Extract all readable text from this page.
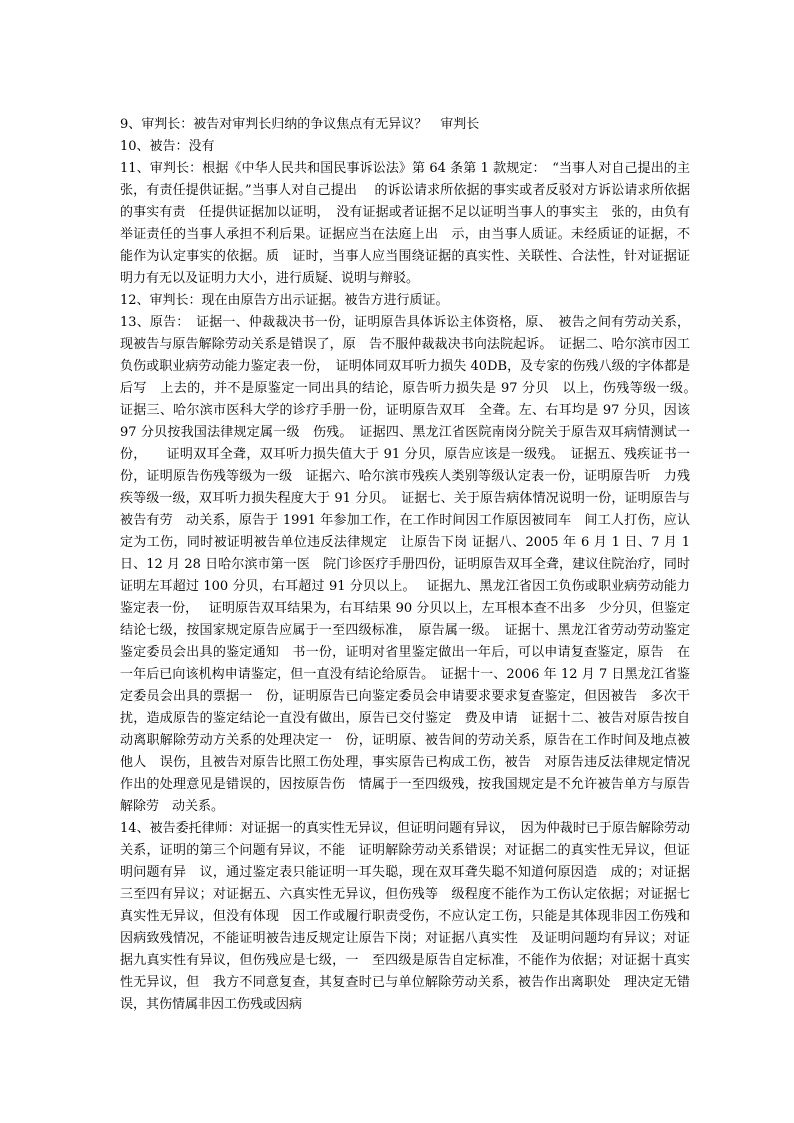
9、审判长：被告对审判长归纳的争议焦点有无异议？　审判长

10、被告：没有

11、审判长：根据《中华人民共和国民事诉讼法》第 64 条第 1 款规定：　“当事人对自己提出的主张，有责任提供证据。”当事人对自己提出　 的诉讼请求所依据的事实或者反驳对方诉讼请求所依据的事实有责　任提供证据加以证明，　没有证据或者证据不足以证明当事人的事实主　张的，由负有举证责任的当事人承担不利后果。证据应当在法庭上出　示，由当事人质证。未经质证的证据，不能作为认定事实的依据。质　证时，当事人应当围绕证据的真实性、关联性、合法性，针对证据证　　明力有无以及证明力大小，进行质疑、说明与辩驳。

12、审判长：现在由原告方出示证据。被告方进行质证。

13、原告：　证据一、仲裁裁决书一份，证明原告具体诉讼主体资格，原、　被告之间有劳动关系，现被告与原告解除劳动关系是错误了，原　告不服仲裁裁决书向法院起诉。　证据二、哈尔滨市因工负伤或职业病劳动能力鉴定表一份，　证明体同双耳听力损失 40DB，及专家的伤残八级的字体都是后写　上去的，并不是原鉴定一同出具的结论，原告听力损失是 97 分贝　以上，伤残等级一级。　证据三、哈尔滨市医科大学的诊疗手册一份，证明原告双耳　全聋。左、右耳均是 97 分贝，因该 97 分贝按我国法律规定属一级　伤残。　证据四、黑龙江省医院南岗分院关于原告双耳病情测试一份，　　证明双耳全聋，双耳听力损失值大于 91 分贝，原告应该是一级残。　证据五、残疾证书一份，证明原告伤残等级为一级　证据六、哈尔滨市残疾人类别等级认定表一份，证明原告听　力残疾等级一级，双耳听力损失程度大于 91 分贝。　证据七、关于原告病体情况说明一份，证明原告与被告有劳　动关系，原告于 1991 年参加工作，在工作时间因工作原因被同车　间工人打伤，应认定为工伤，同时被证明被告单位违反法律规定　让原告下岗 证据八、2005 年 6 月 1 日、7 月 1 日、12 月 28 日哈尔滨市第一医　院门诊医疗手册四份，证明原告双耳全聋，建议住院治疗，同时　证明左耳超过 100 分贝，右耳超过 91 分贝以上。　 证据九、黑龙江省因工负伤或职业病劳动能力鉴定表一份，　 证明原告双耳结果为，右耳结果 90 分贝以上，左耳根本查不出多　少分贝，但鉴定结论七级，按国家规定原告应属于一至四级标准，　原告属一级。　证据十、黑龙江省劳动劳动鉴定鉴定委员会出具的鉴定通知　书一份，证明对省里鉴定做出一年后，可以申请复查鉴定，原告　在一年后已向该机构申请鉴定，但一直没有结论给原告。　证据十一、2006 年 12 月 7 日黑龙江省鉴定委员会出具的票据一　份，证明原告已向鉴定委员会申请要求要求复查鉴定，但因被告　多次干扰，造成原告的鉴定结论一直没有做出，原告已交付鉴定　费及申请　证据十二、被告对原告按自动离职解除劳动方关系的处理决定一　份，证明原、被告间的劳动关系，原告在工作时间及地点被他人　误伤，且被告对原告比照工伤处理，事实原告已构成工伤，被告　对原告违反法律规定情况作出的处理意见是错误的，因按原告伤　情属于一至四级残，按我国规定是不允许被告单方与原告解除劳　动关系。

14、被告委托律师：对证据一的真实性无异议，但证明问题有异议，　因为仲裁时已于原告解除劳动关系，证明的第三个问题有异议，不能　证明解除劳动关系错误；对证据二的真实性无异议，但证明问题有异　议，通过鉴定表只能证明一耳失聪，现在双耳聋失聪不知道何原因造　成的；对证据三至四有异议；对证据五、六真实性无异议，但伤残等　级程度不能作为工伤认定依据；对证据七真实性无异议，但没有体现　因工作或履行职责受伤，不应认定工伤，只能是其体现非因工伤残和　因病致残情况，不能证明被告违反规定让原告下岗；对证据八真实性　及证明问题均有异议；对证据九真实性有异议，但伤残应是七级，一　至四级是原告自定标准，不能作为依据；对证据十真实性无异议，但　我方不同意复查，其复查时已与单位解除劳动关系，被告作出离职处　理决定无错误，其伤情属非因工伤残或因病
